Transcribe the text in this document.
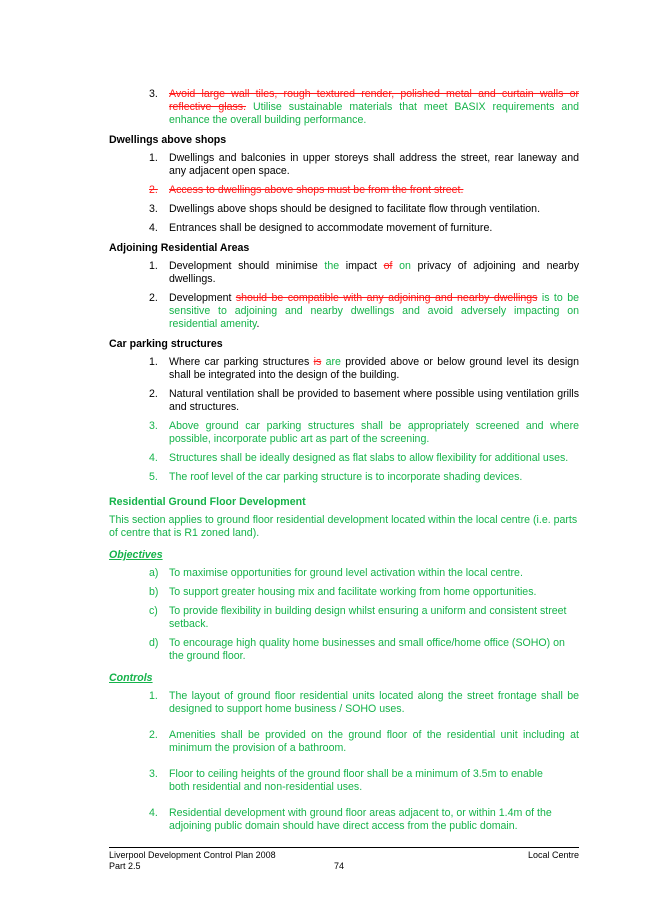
3. Avoid large wall tiles, rough textured render, polished metal and curtain walls or reflective glass. Utilise sustainable materials that meet BASIX requirements and enhance the overall building performance.
Dwellings above shops
1. Dwellings and balconies in upper storeys shall address the street, rear laneway and any adjacent open space.
2. Access to dwellings above shops must be from the front street.
3. Dwellings above shops should be designed to facilitate flow through ventilation.
4. Entrances shall be designed to accommodate movement of furniture.
Adjoining Residential Areas
1. Development should minimise the impact of on privacy of adjoining and nearby dwellings.
2. Development should be compatible with any adjoining and nearby dwellings is to be sensitive to adjoining and nearby dwellings and avoid adversely impacting on residential amenity.
Car parking structures
1. Where car parking structures is are provided above or below ground level its design shall be integrated into the design of the building.
2. Natural ventilation shall be provided to basement where possible using ventilation grills and structures.
3. Above ground car parking structures shall be appropriately screened and where possible, incorporate public art as part of the screening.
4. Structures shall be ideally designed as flat slabs to allow flexibility for additional uses.
5. The roof level of the car parking structure is to incorporate shading devices.
Residential Ground Floor Development
This section applies to ground floor residential development located within the local centre (i.e. parts of centre that is R1 zoned land).
Objectives
a) To maximise opportunities for ground level activation within the local centre.
b) To support greater housing mix and facilitate working from home opportunities.
c) To provide flexibility in building design whilst ensuring a uniform and consistent street setback.
d) To encourage high quality home businesses and small office/home office (SOHO) on the ground floor.
Controls
1. The layout of ground floor residential units located along the street frontage shall be designed to support home business / SOHO uses.
2. Amenities shall be provided on the ground floor of the residential unit including at minimum the provision of a bathroom.
3. Floor to ceiling heights of the ground floor shall be a minimum of 3.5m to enable both residential and non-residential uses.
4. Residential development with ground floor areas adjacent to, or within 1.4m of the adjoining public domain should have direct access from the public domain.
Liverpool Development Control Plan 2008
Part 2.5	74
Local Centre
